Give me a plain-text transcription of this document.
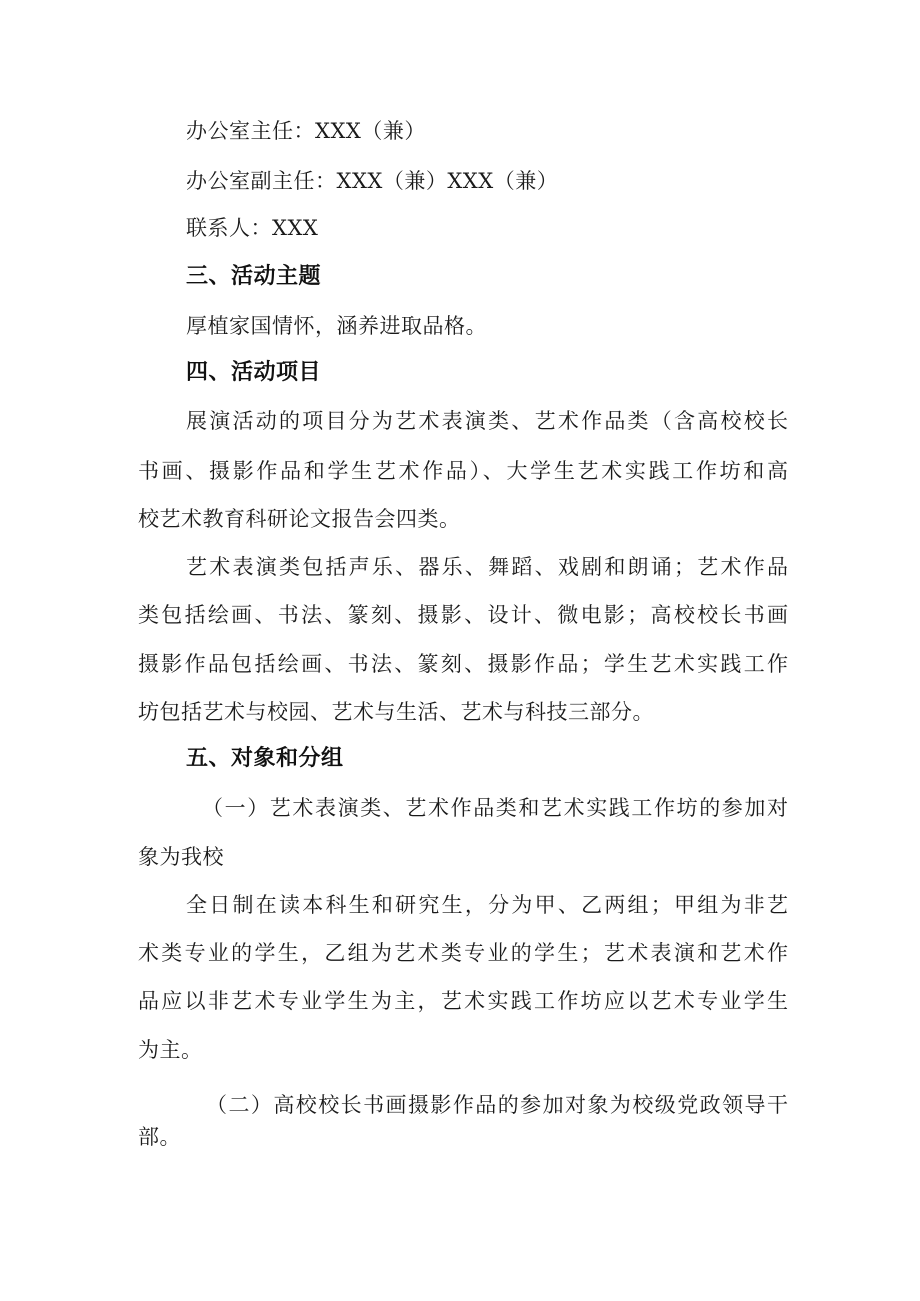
办公室主任：XXX（兼）

办公室副主任：XXX（兼）XXX（兼）

联系人：XXX

三、活动主题

厚植家国情怀，涵养进取品格。

四、活动项目

展演活动的项目分为艺术表演类、艺术作品类（含高校校长

书画、摄影作品和学生艺术作品）、大学生艺术实践工作坊和高

校艺术教育科研论文报告会四类。

艺术表演类包括声乐、器乐、舞蹈、戏剧和朗诵；艺术作品

类包括绘画、书法、篆刻、摄影、设计、微电影；高校校长书画

摄影作品包括绘画、书法、篆刻、摄影作品；学生艺术实践工作

坊包括艺术与校园、艺术与生活、艺术与科技三部分。

五、对象和分组

（一）艺术表演类、艺术作品类和艺术实践工作坊的参加对

象为我校

全日制在读本科生和研究生，分为甲、乙两组；甲组为非艺

术类专业的学生，乙组为艺术类专业的学生；艺术表演和艺术作

品应以非艺术专业学生为主，艺术实践工作坊应以艺术专业学生

为主。

（二）高校校长书画摄影作品的参加对象为校级党政领导干

部。
